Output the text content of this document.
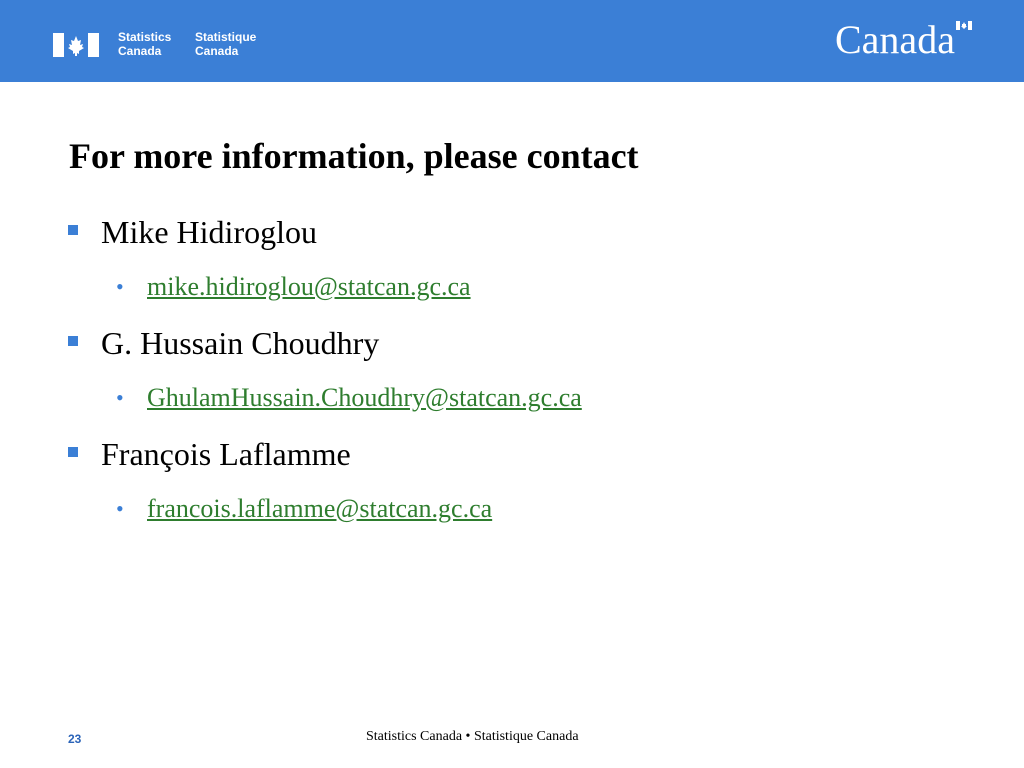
Statistics
Canada
Statistique
Canada	Canada
For more information, please contact
Mike Hidiroglou
• mike.hidiroglou@statcan.gc.ca
G. Hussain Choudhry
• GhulamHussain.Choudhry@statcan.gc.ca
François Laflamme
• francois.laflamme@statcan.gc.ca
23	Statistics Canada • Statistique Canada
